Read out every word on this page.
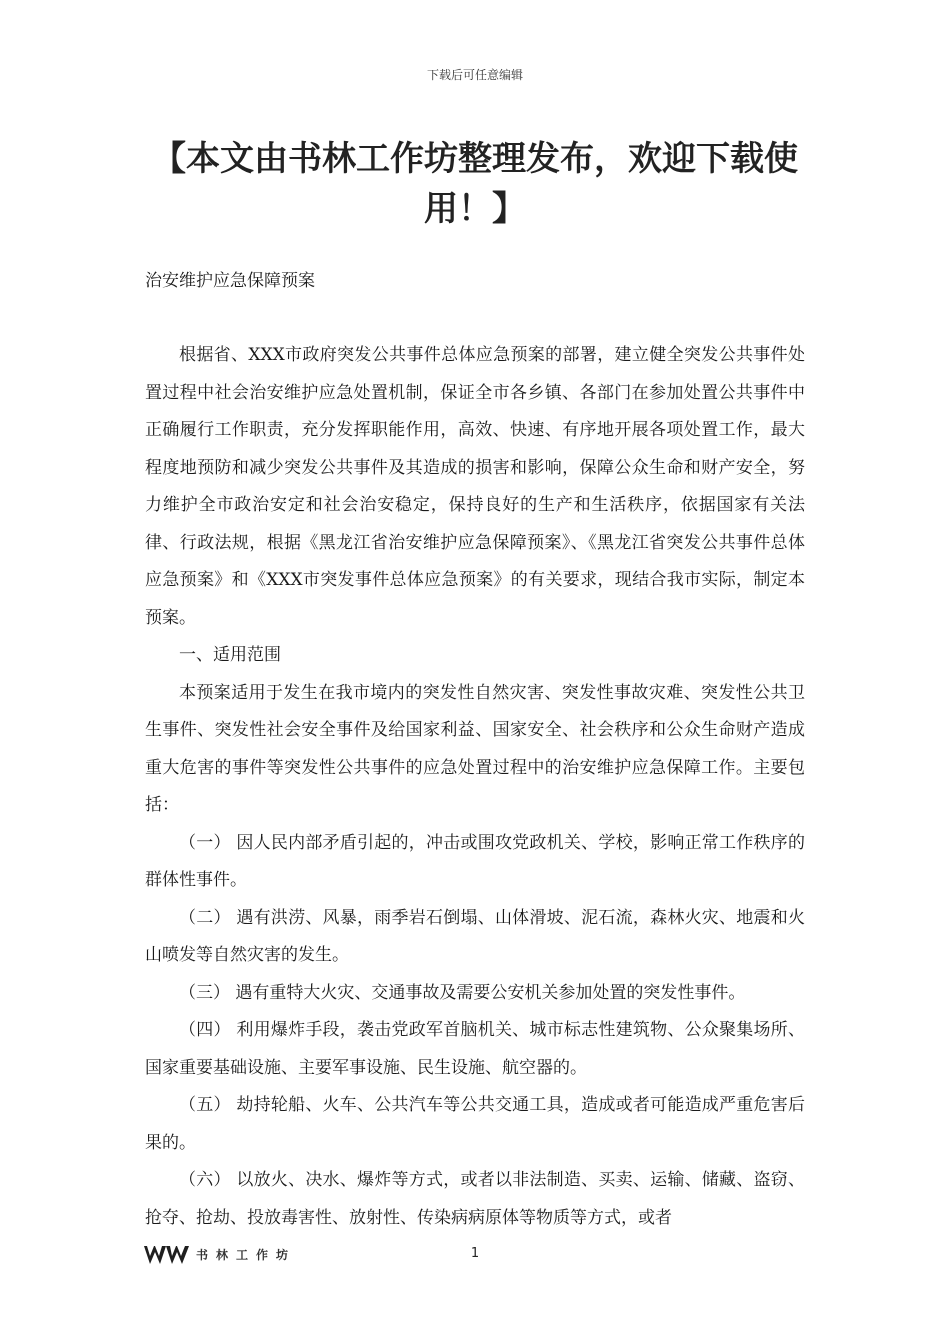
下载后可任意编辑
【本文由书林工作坊整理发布，欢迎下载使用！】
治安维护应急保障预案

根据省、XXX市政府突发公共事件总体应急预案的部署，建立健全突发公共事件处置过程中社会治安维护应急处置机制，保证全市各乡镇、各部门在参加处置公共事件中正确履行工作职责，充分发挥职能作用，高效、快速、有序地开展各项处置工作，最大程度地预防和减少突发公共事件及其造成的损害和影响，保障公众生命和财产安全，努力维护全市政治安定和社会治安稳定，保持良好的生产和生活秩序，依据国家有关法律、行政法规，根据《黑龙江省治安维护应急保障预案》、《黑龙江省突发公共事件总体应急预案》和《XXX市突发事件总体应急预案》的有关要求，现结合我市实际，制定本预案。

一、适用范围

本预案适用于发生在我市境内的突发性自然灾害、突发性事故灾难、突发性公共卫生事件、突发性社会安全事件及给国家利益、国家安全、社会秩序和公众生命财产造成重大危害的事件等突发性公共事件的应急处置过程中的治安维护应急保障工作。主要包括：

（一） 因人民内部矛盾引起的，冲击或围攻党政机关、学校，影响正常工作秩序的群体性事件。

（二） 遇有洪涝、风暴，雨季岩石倒塌、山体滑坡、泥石流，森林火灾、地震和火山喷发等自然灾害的发生。

（三） 遇有重特大火灾、交通事故及需要公安机关参加处置的突发性事件。

（四） 利用爆炸手段，袭击党政军首脑机关、城市标志性建筑物、公众聚集场所、国家重要基础设施、主要军事设施、民生设施、航空器的。

（五） 劫持轮船、火车、公共汽车等公共交通工具，造成或者可能造成严重危害后果的。

（六） 以放火、决水、爆炸等方式，或者以非法制造、买卖、运输、储藏、盗窃、抢夺、抢劫、投放毒害性、放射性、传染病病原体等物质等方式，或者

书林工作坊	1
